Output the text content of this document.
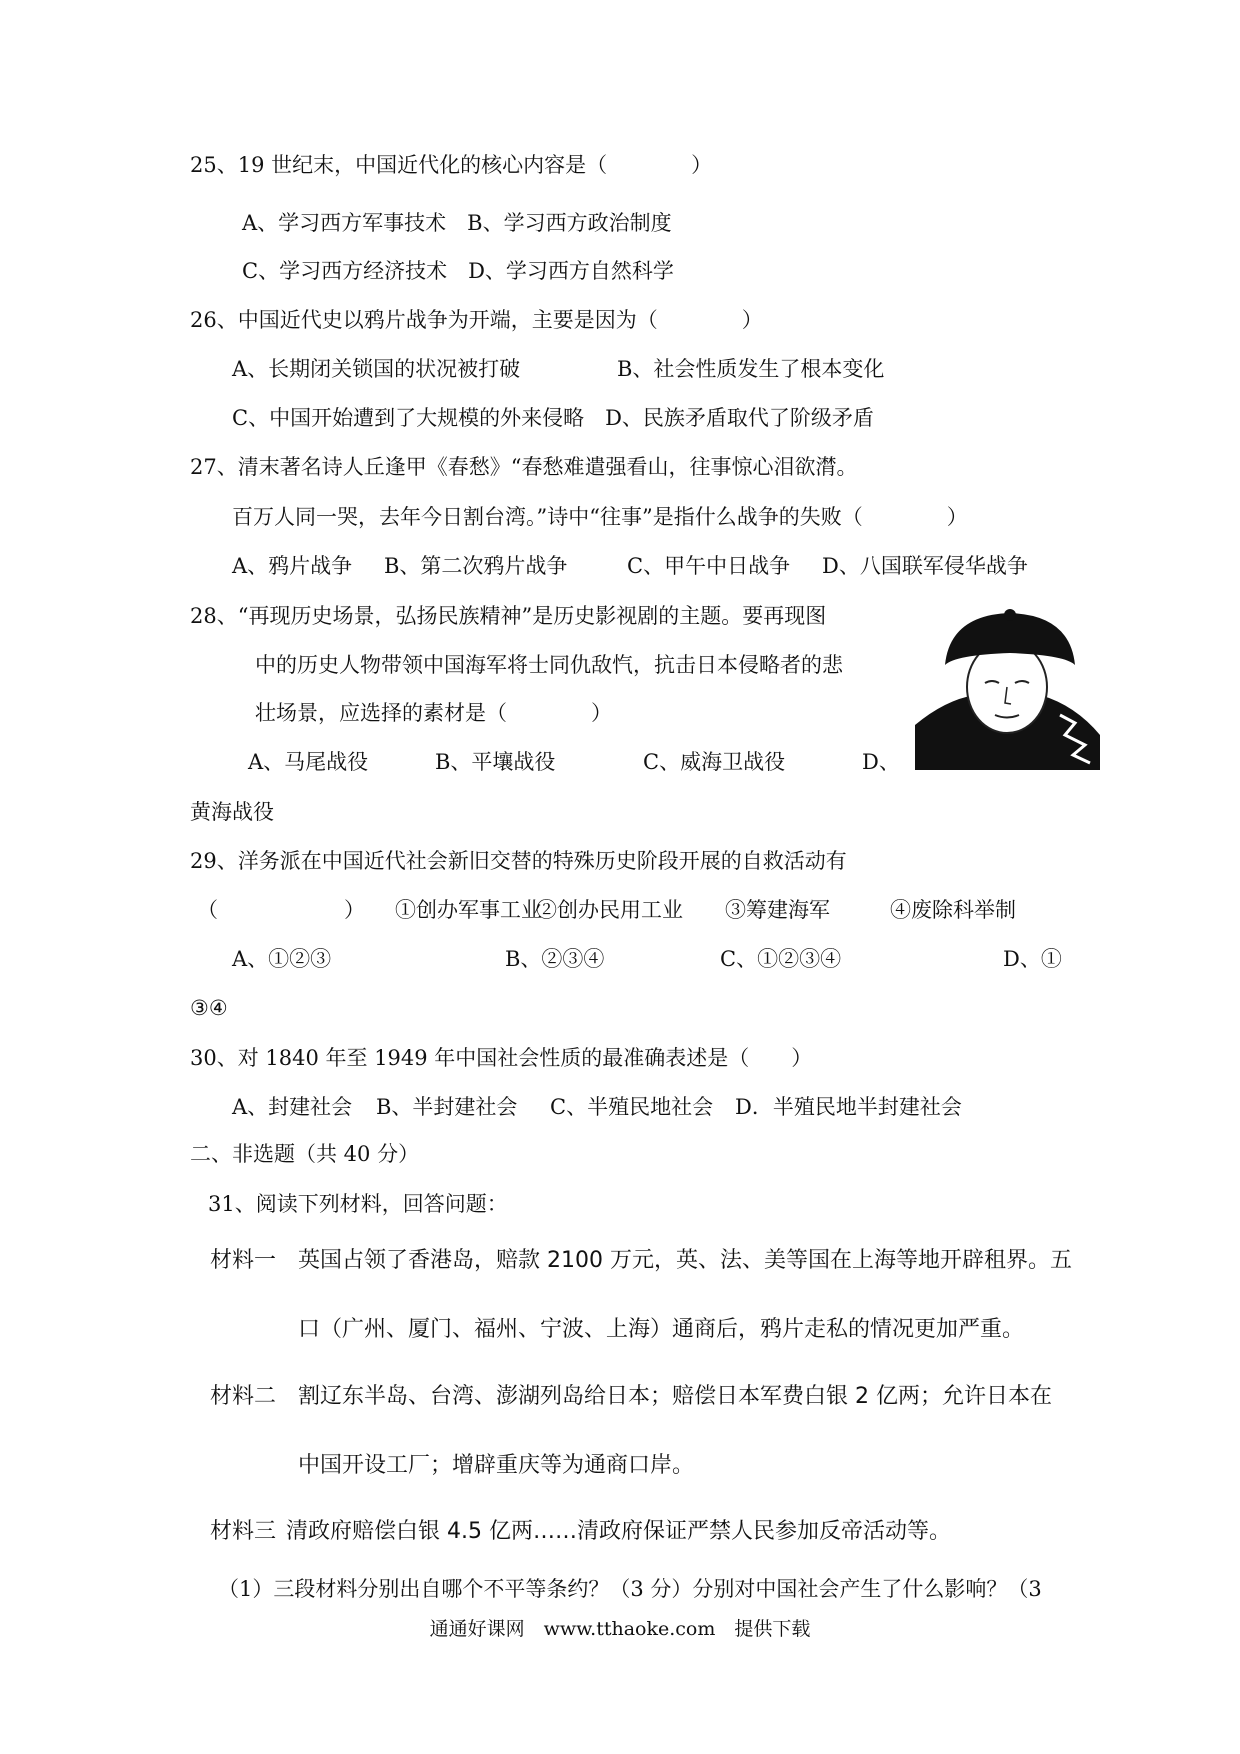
25、19 世纪末，中国近代化的核心内容是（　　　　）
A、学习西方军事技术　B、学习西方政治制度
C、学习西方经济技术　D、学习西方自然科学
26、中国近代史以鸦片战争为开端，主要是因为（　　　　）
A、长期闭关锁国的状况被打破	B、社会性质发生了根本变化
C、中国开始遭到了大规模的外来侵略　D、民族矛盾取代了阶级矛盾
27、清末著名诗人丘逢甲《春愁》“春愁难遣强看山，往事惊心泪欲潸。
百万人同一哭，去年今日割台湾。”诗中“往事”是指什么战争的失败（　　　　）
A、鸦片战争 B、第二次鸦片战争	C、甲午中日战争 D、八国联军侵华战争
28、“再现历史场景，弘扬民族精神”是历史影视剧的主题。要再现图
中的历史人物带领中国海军将士同仇敌忾，抗击日本侵略者的悲
壮场景，应选择的素材是（　　　　）
A、马尾战役	B、平壤战役	C、威海卫战役	D、
黄海战役
29、洋务派在中国近代社会新旧交替的特殊历史阶段开展的自救活动有
（　　　　　　） ①创办军事工业
②创办民用工业 ③筹建海军	④废除科举制
A、①②③	B、②③④	C、①②③④	D、①
③④
30、对 1840 年至 1949 年中国社会性质的最准确表述是（　　）
A、封建社会 B、半封建社会 C、半殖民地社会 D．半殖民地半封建社会
二、非选题（共 40 分）
31、阅读下列材料，回答问题：
材料一 英国占领了香港岛，赔款 2100 万元，英、法、美等国在上海等地开辟租界。五
口（广州、厦门、福州、宁波、上海）通商后，鸦片走私的情况更加严重。
材料二 割辽东半岛、台湾、澎湖列岛给日本；赔偿日本军费白银 2 亿两；允许日本在
中国开设工厂；增辟重庆等为通商口岸。
材料三 清政府赔偿白银 4.5 亿两……清政府保证严禁人民参加反帝活动等。
（1）三段材料分别出自哪个不平等条约？（3 分）分别对中国社会产生了什么影响？（3
通通好课网　www.tthaoke.com　提供下载
